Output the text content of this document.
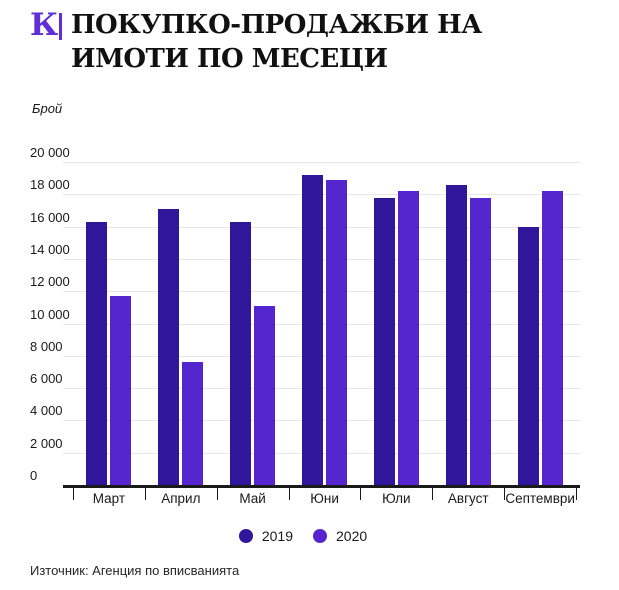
К ПОКУПКО-ПРОДАЖБИ НА ИМОТИ ПО МЕСЕЦИ
Брой
0
2 000
4 000
6 000
8 000
10 000
12 000
14 000
16 000
18 000
20 000
Март	Април	Май	Юни	Юли	Август	Септември
2019	2020
Източник: Агенция по вписванията
